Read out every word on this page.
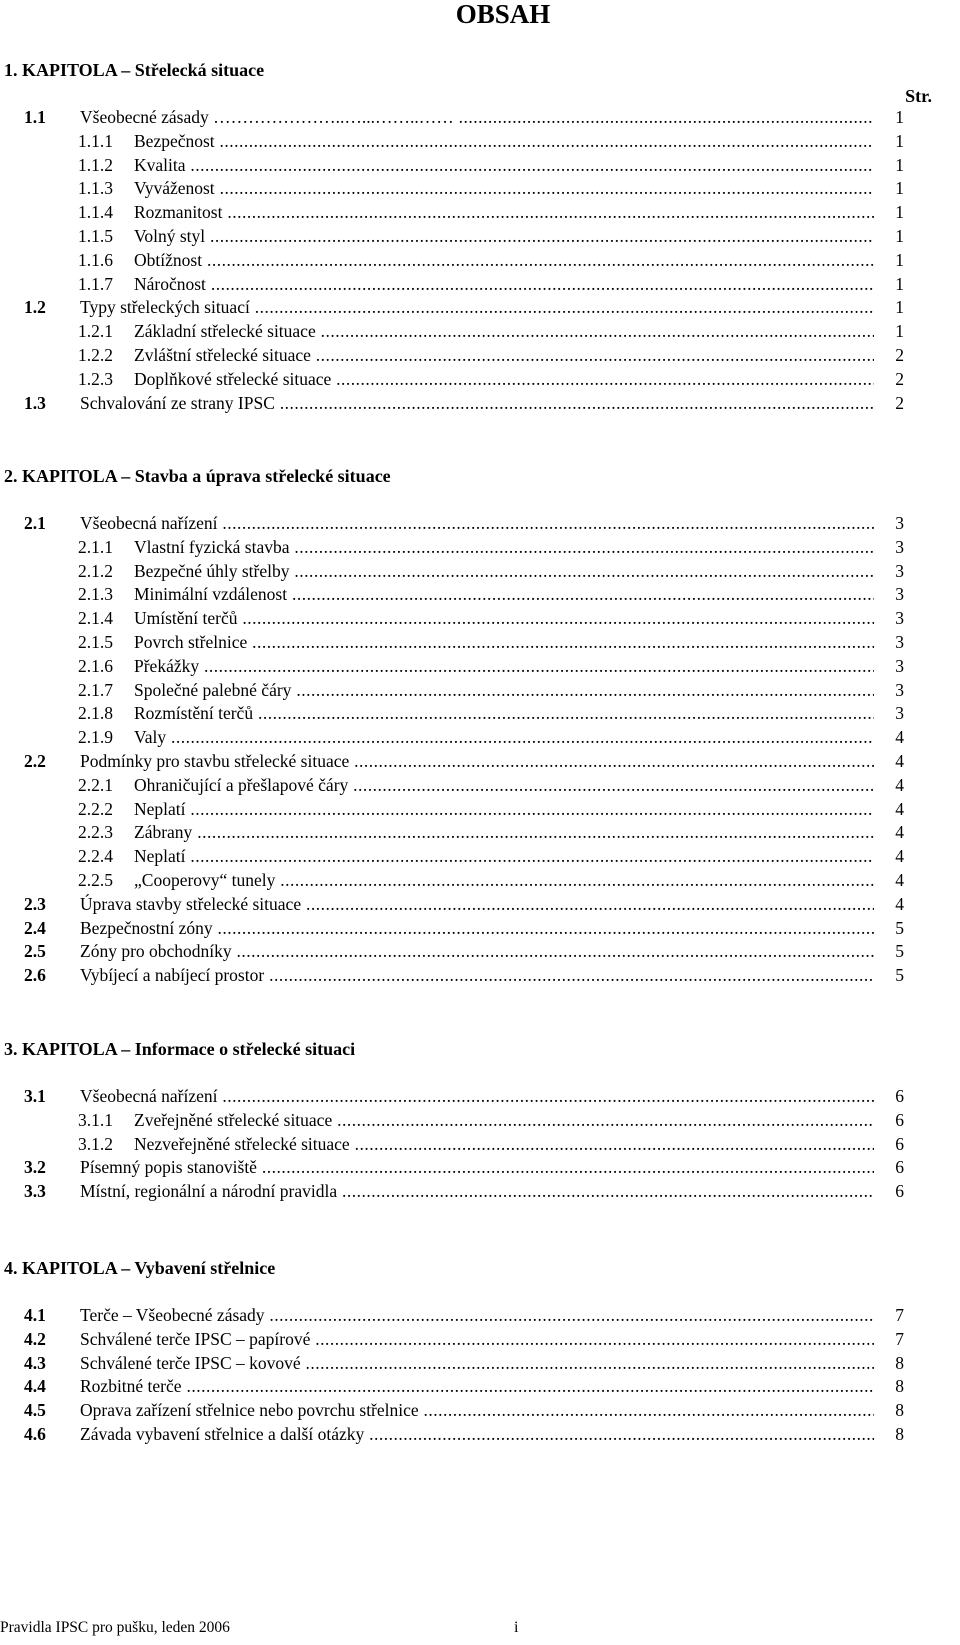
OBSAH
Str.
1. KAPITOLA – Střelecká situace
1.1 Všeobecné zásady …………………..…...……..…… .....	1
1.1.1 Bezpečnost .....	1
1.1.2 Kvalita .....	1
1.1.3 Vyváženost .....	1
1.1.4 Rozmanitost .....	1
1.1.5 Volný styl .....	1
1.1.6 Obtížnost .....	1
1.1.7 Náročnost .....	1
1.2 Typy střeleckých situací .....	1
1.2.1 Základní střelecké situace .....	1
1.2.2 Zvláštní střelecké situace .....	2
1.2.3 Doplňkové střelecké situace .....	2
1.3 Schvalování ze strany IPSC .....	2
2. KAPITOLA – Stavba a úprava střelecké situace
2.1 Všeobecná nařízení .....	3
2.1.1 Vlastní fyzická stavba .....	3
2.1.2 Bezpečné úhly střelby .....	3
2.1.3 Minimální vzdálenost .....	3
2.1.4 Umístění terčů .....	3
2.1.5 Povrch střelnice .....	3
2.1.6 Překážky .....	3
2.1.7 Společné palebné čáry .....	3
2.1.8 Rozmístění terčů .....	3
2.1.9 Valy .....	4
2.2 Podmínky pro stavbu střelecké situace .....	4
2.2.1 Ohraničující a přešlapové čáry .....	4
2.2.2 Neplatí .....	4
2.2.3 Zábrany .....	4
2.2.4 Neplatí .....	4
2.2.5 „Cooperovy“ tunely .....	4
2.3 Úprava stavby střelecké situace .....	4
2.4 Bezpečnostní zóny .....	5
2.5 Zóny pro obchodníky .....	5
2.6 Vybíjecí a nabíjecí prostor .....	5
3. KAPITOLA – Informace o střelecké situaci
3.1 Všeobecná nařízení .....	6
3.1.1 Zveřejněné střelecké situace .....	6
3.1.2 Nezveřejněné střelecké situace .....	6
3.2 Písemný popis stanoviště .....	6
3.3 Místní, regionální a národní pravidla .....	6
4. KAPITOLA – Vybavení střelnice
4.1 Terče – Všeobecné zásady .....	7
4.2 Schválené terče IPSC – papírové .....	7
4.3 Schválené terče IPSC – kovové .....	8
4.4 Rozbitné terče .....	8
4.5 Oprava zařízení střelnice nebo povrchu střelnice .....	8
4.6 Závada vybavení střelnice a další otázky .....	8
Pravidla IPSC pro pušku, leden 2006	i
